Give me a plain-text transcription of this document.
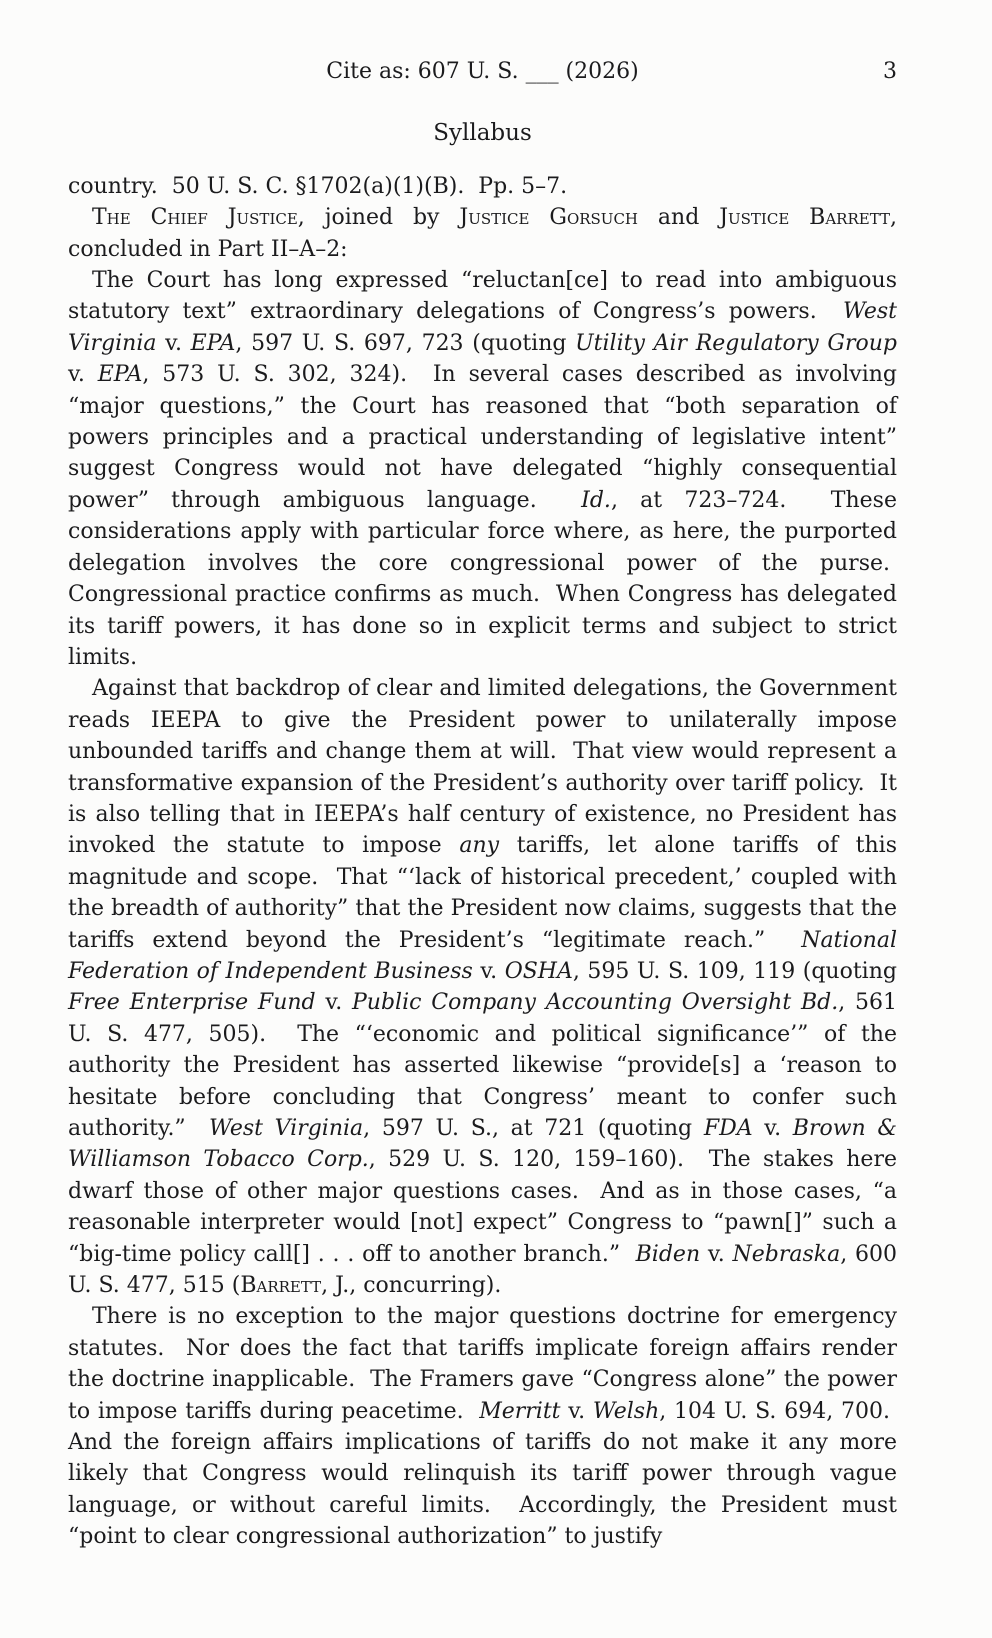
Cite as: 607 U. S. ___ (2026)	3
Syllabus

country.  50 U. S. C. §1702(a)(1)(B).  Pp. 5–7.

The Chief Justice, joined by Justice Gorsuch and Justice Barrett, concluded in Part II–A–2:

The Court has long expressed “reluctan[ce] to read into ambiguous statutory text” extraordinary delegations of Congress’s powers.  West Virginia v. EPA, 597 U. S. 697, 723 (quoting Utility Air Regulatory Group v. EPA, 573 U. S. 302, 324).  In several cases described as involving “major questions,” the Court has reasoned that “both separation of powers principles and a practical understanding of legislative intent” suggest Congress would not have delegated “highly consequential power” through ambiguous language.  Id., at 723–724.  These considerations apply with particular force where, as here, the purported delegation involves the core congressional power of the purse.  Congressional practice confirms as much.  When Congress has delegated its tariff powers, it has done so in explicit terms and subject to strict limits.

Against that backdrop of clear and limited delegations, the Government reads IEEPA to give the President power to unilaterally impose unbounded tariffs and change them at will.  That view would represent a transformative expansion of the President’s authority over tariff policy.  It is also telling that in IEEPA’s half century of existence, no President has invoked the statute to impose any tariffs, let alone tariffs of this magnitude and scope.  That “‘lack of historical precedent,’ coupled with the breadth of authority” that the President now claims, suggests that the tariffs extend beyond the President’s “legitimate reach.”  National Federation of Independent Business v. OSHA, 595 U. S. 109, 119 (quoting Free Enterprise Fund v. Public Company Accounting Oversight Bd., 561 U. S. 477, 505).  The “‘economic and political significance’” of the authority the President has asserted likewise “provide[s] a ‘reason to hesitate before concluding that Congress’ meant to confer such authority.”  West Virginia, 597 U. S., at 721 (quoting FDA v. Brown & Williamson Tobacco Corp., 529 U. S. 120, 159–160).  The stakes here dwarf those of other major questions cases.  And as in those cases, “a reasonable interpreter would [not] expect” Congress to “pawn[]” such a “big-time policy call[] . . . off to another branch.”  Biden v. Nebraska, 600 U. S. 477, 515 (Barrett, J., concurring).

There is no exception to the major questions doctrine for emergency statutes.  Nor does the fact that tariffs implicate foreign affairs render the doctrine inapplicable.  The Framers gave “Congress alone” the power to impose tariffs during peacetime.  Merritt v. Welsh, 104 U. S. 694, 700.  And the foreign affairs implications of tariffs do not make it any more likely that Congress would relinquish its tariff power through vague language, or without careful limits.  Accordingly, the President must “point to clear congressional authorization” to justify
